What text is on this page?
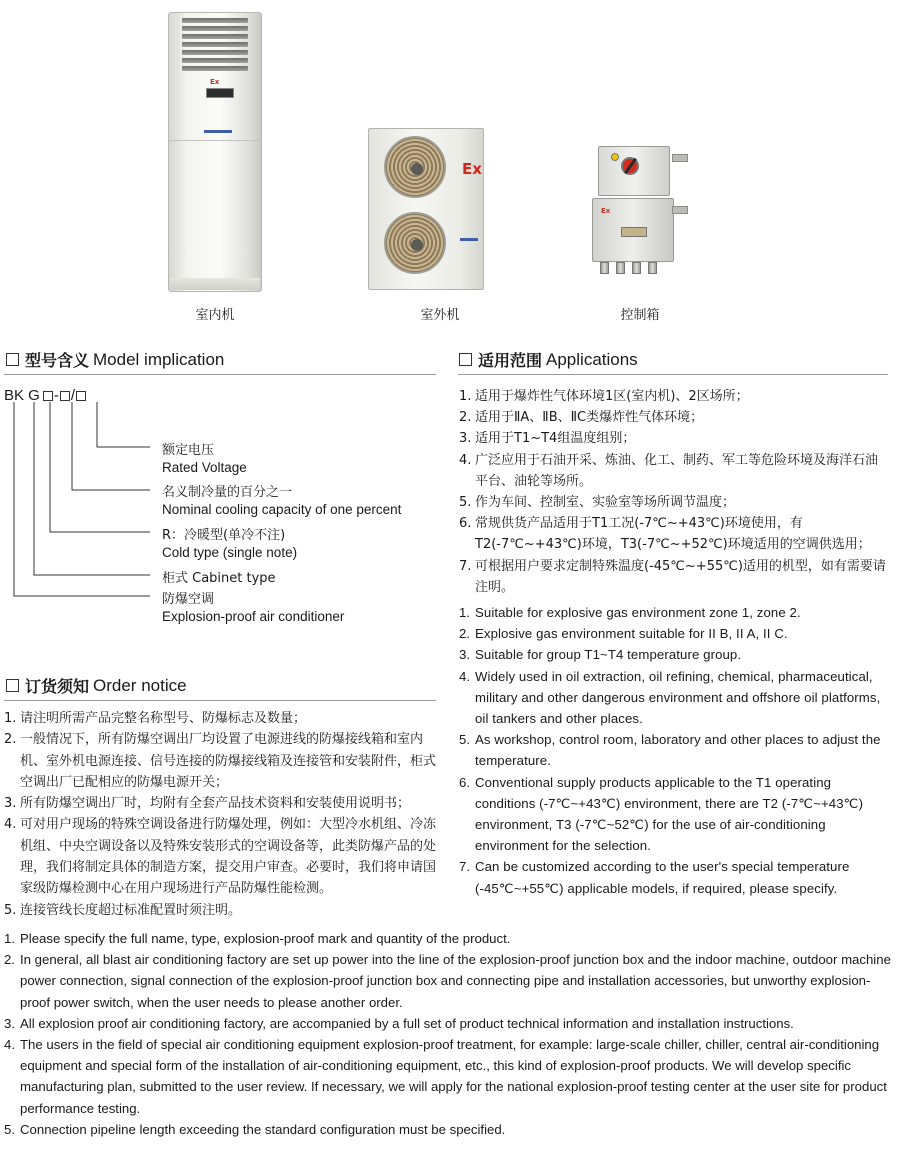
Ex
室内机
Ex
室外机
Ex
控制箱
型号含义 Model implication
BK G - /
额定电压
Rated Voltage
名义制冷量的百分之一
Nominal cooling capacity of one percent
R：冷暖型(单冷不注)
Cold type (single note)
柜式 Cabinet type
防爆空调
Explosion-proof air conditioner
适用范围 Applications
1. 适用于爆炸性气体环境1区(室内机)、2区场所；
2. 适用于ⅡA、ⅡB、ⅡC类爆炸性气体环境；
3. 适用于T1~T4组温度组别；
4. 广泛应用于石油开采、炼油、化工、制药、军工等危险环境及海洋石油平台、油轮等场所。
5. 作为车间、控制室、实验室等场所调节温度；
6. 常规供货产品适用于T1工况(-7℃~+43℃)环境使用，有T2(-7℃~+43℃)环境，T3(-7℃~+52℃)环境适用的空调供选用；
7. 可根据用户要求定制特殊温度(-45℃~+55℃)适用的机型，如有需要请注明。
1. Suitable for explosive gas environment zone 1, zone 2.
2. Explosive gas environment suitable for II B, II A, II C.
3. Suitable for group T1~T4 temperature group.
4. Widely used in oil extraction, oil refining, chemical, pharmaceutical, military and other dangerous environment and offshore oil platforms, oil tankers and other places.
5. As workshop, control room, laboratory and other places to adjust the temperature.
6. Conventional supply products applicable to the T1 operating conditions (-7℃~+43℃) environment, there are T2 (-7℃~+43℃) environment, T3 (-7℃~52℃) for the use of air-conditioning environment for the selection.
7. Can be customized according to the user's special temperature (-45℃~+55℃) applicable models, if required, please specify.
订货须知 Order notice
1. 请注明所需产品完整名称型号、防爆标志及数量；
2. 一般情况下，所有防爆空调出厂均设置了电源进线的防爆接线箱和室内机、室外机电源连接、信号连接的防爆接线箱及连接管和安装附件，柜式空调出厂已配相应的防爆电源开关；
3. 所有防爆空调出厂时，均附有全套产品技术资料和安装使用说明书；
4. 可对用户现场的特殊空调设备进行防爆处理，例如：大型冷水机组、冷冻机组、中央空调设备以及特殊安装形式的空调设备等，此类防爆产品的处理，我们将制定具体的制造方案，提交用户审查。必要时，我们将申请国家级防爆检测中心在用户现场进行产品防爆性能检测。
5. 连接管线长度超过标准配置时须注明。
1. Please specify the full name, type, explosion-proof mark and quantity of the product.
2. In general, all blast air conditioning factory are set up power into the line of the explosion-proof junction box and the indoor machine, outdoor machine power connection, signal connection of the explosion-proof junction box and connecting pipe and installation accessories, but unworthy explosion-proof power switch, when the user needs to please another order.
3. All explosion proof air conditioning factory, are accompanied by a full set of product technical information and installation instructions.
4. The users in the field of special air conditioning equipment explosion-proof treatment, for example: large-scale chiller, chiller, central air-conditioning equipment and special form of the installation of air-conditioning equipment, etc., this kind of explosion-proof products. We will develop specific manufacturing plan, submitted to the user review. If necessary, we will apply for the national explosion-proof testing center at the user site for product performance testing.
5. Connection pipeline length exceeding the standard configuration must be specified.
